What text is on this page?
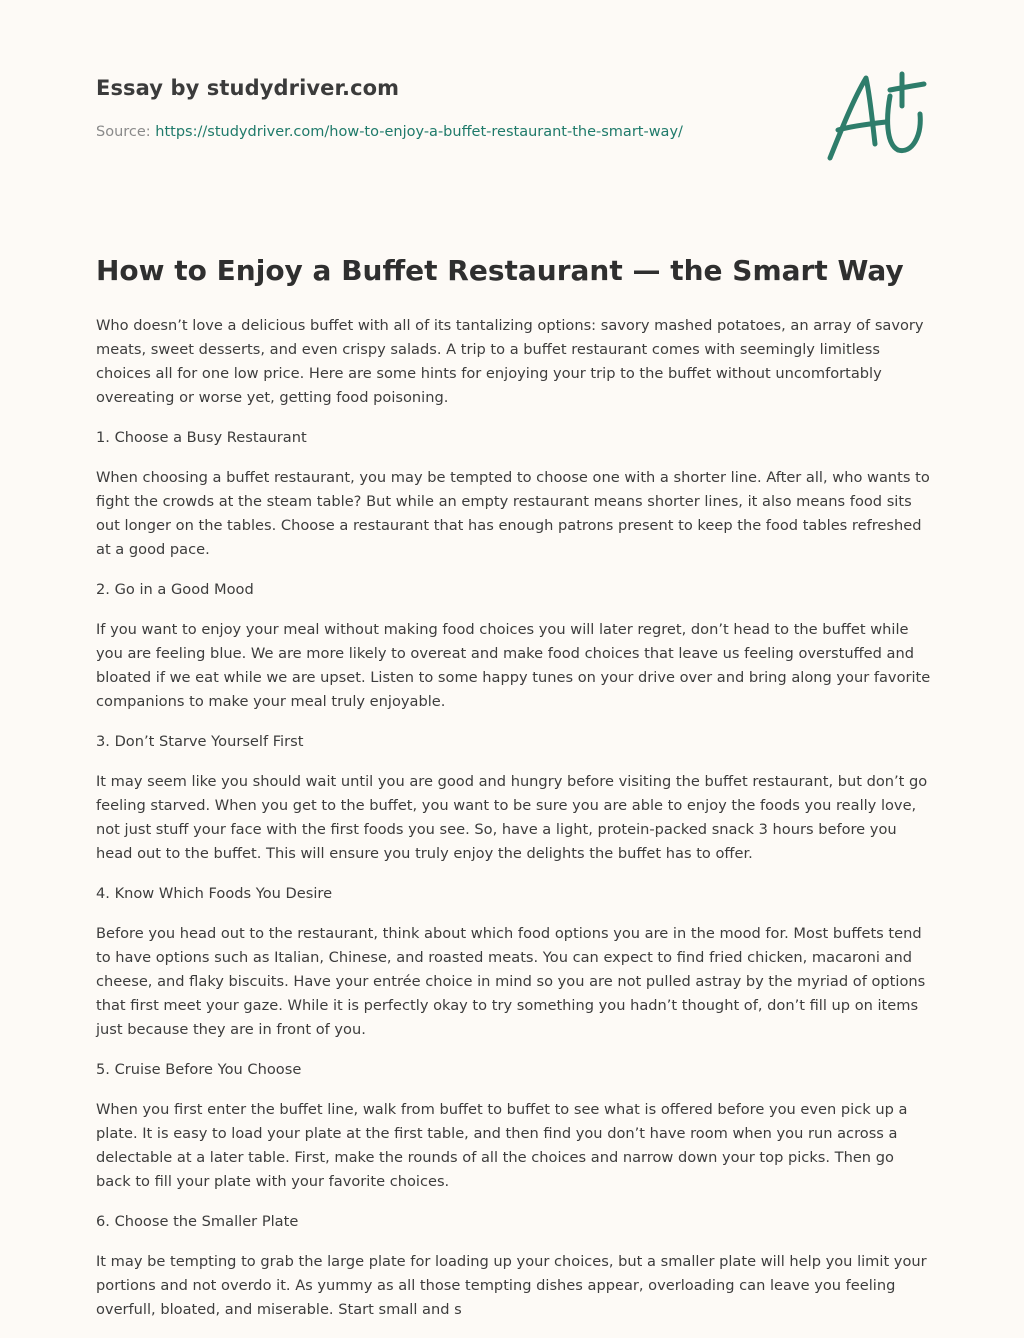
Essay by studydriver.com
Source: https://studydriver.com/how-to-enjoy-a-buffet-restaurant-the-smart-way/
How to Enjoy a Buffet Restaurant — the Smart Way

Who doesn’t love a delicious buffet with all of its tantalizing options: savory mashed potatoes, an array of savory meats, sweet desserts, and even crispy salads. A trip to a buffet restaurant comes with seemingly limitless choices all for one low price. Here are some hints for enjoying your trip to the buffet without uncomfortably overeating or worse yet, getting food poisoning.

1. Choose a Busy Restaurant

When choosing a buffet restaurant, you may be tempted to choose one with a shorter line. After all, who wants to fight the crowds at the steam table? But while an empty restaurant means shorter lines, it also means food sits out longer on the tables. Choose a restaurant that has enough patrons present to keep the food tables refreshed at a good pace.

2. Go in a Good Mood

If you want to enjoy your meal without making food choices you will later regret, don’t head to the buffet while you are feeling blue. We are more likely to overeat and make food choices that leave us feeling overstuffed and bloated if we eat while we are upset. Listen to some happy tunes on your drive over and bring along your favorite companions to make your meal truly enjoyable.

3. Don’t Starve Yourself First

It may seem like you should wait until you are good and hungry before visiting the buffet restaurant, but don’t go feeling starved. When you get to the buffet, you want to be sure you are able to enjoy the foods you really love, not just stuff your face with the first foods you see. So, have a light, protein-packed snack 3 hours before you head out to the buffet. This will ensure you truly enjoy the delights the buffet has to offer.

4. Know Which Foods You Desire

Before you head out to the restaurant, think about which food options you are in the mood for. Most buffets tend to have options such as Italian, Chinese, and roasted meats. You can expect to find fried chicken, macaroni and cheese, and flaky biscuits. Have your entrée choice in mind so you are not pulled astray by the myriad of options that first meet your gaze. While it is perfectly okay to try something you hadn’t thought of, don’t fill up on items just because they are in front of you.

5. Cruise Before You Choose

When you first enter the buffet line, walk from buffet to buffet to see what is offered before you even pick up a plate. It is easy to load your plate at the first table, and then find you don’t have room when you run across a delectable at a later table. First, make the rounds of all the choices and narrow down your top picks. Then go back to fill your plate with your favorite choices.

6. Choose the Smaller Plate

It may be tempting to grab the large plate for loading up your choices, but a smaller plate will help you limit your portions and not overdo it. As yummy as all those tempting dishes appear, overloading can leave you feeling overfull, bloated, and miserable. Start small and s
